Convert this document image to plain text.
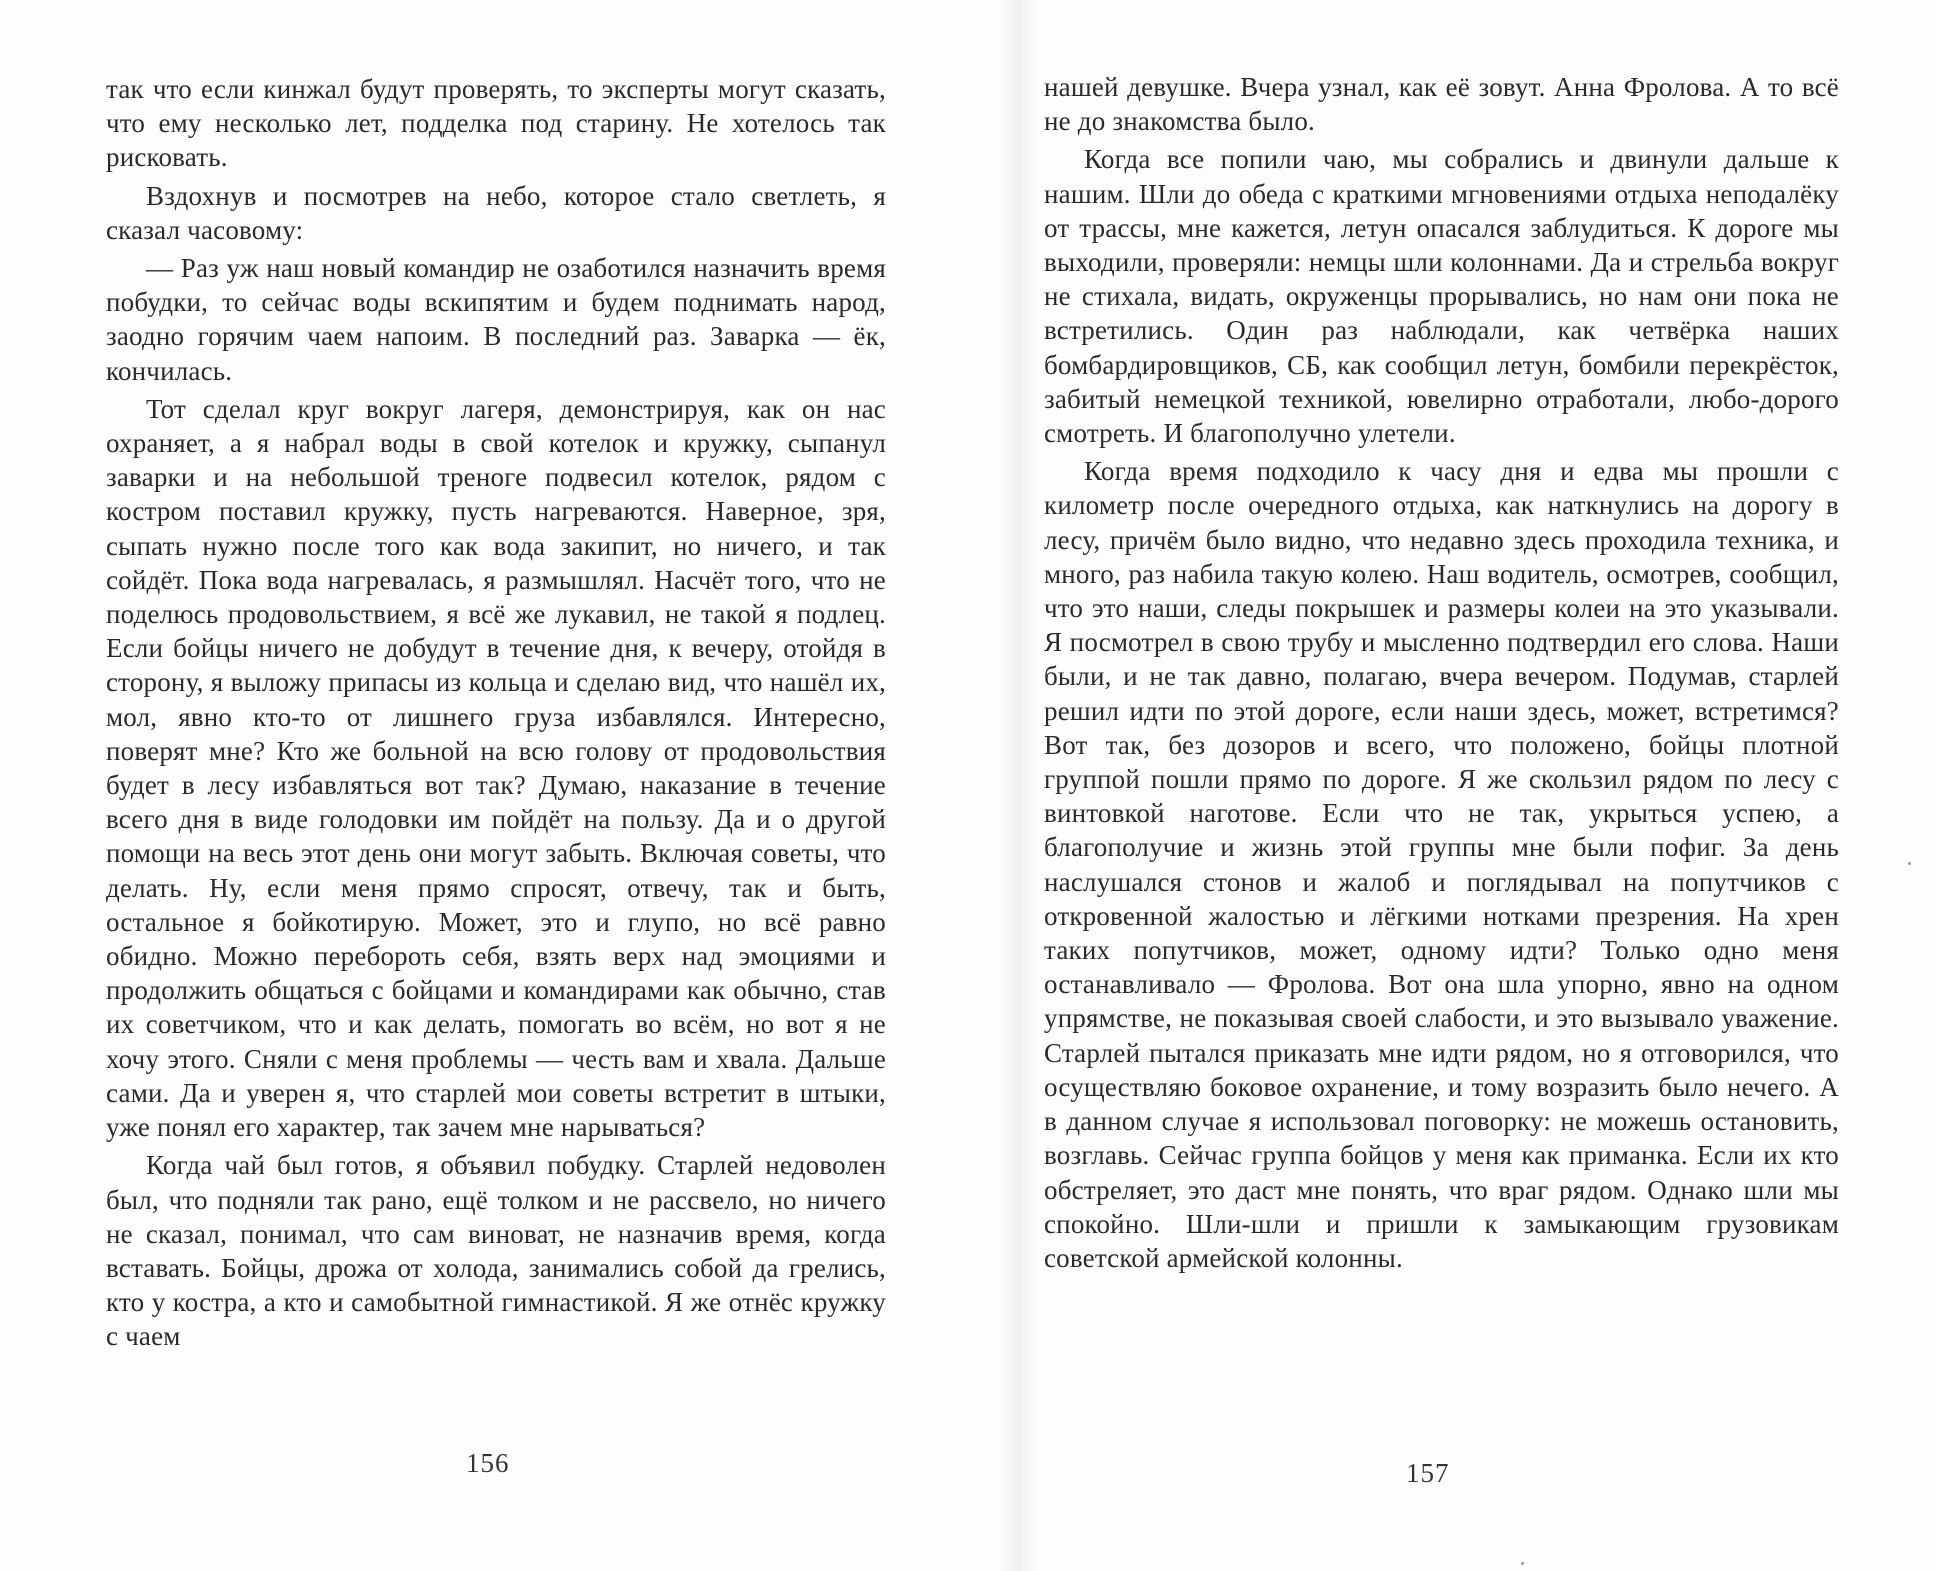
так что если кинжал будут проверять, то эксперты могут сказать, что ему несколько лет, подделка под старину. Не хотелось так рисковать.

Вздохнув и посмотрев на небо, которое стало светлеть, я сказал часовому:

— Раз уж наш новый командир не озаботился назначить время побудки, то сейчас воды вскипятим и будем поднимать народ, заодно горячим чаем напоим. В последний раз. Заварка — ёк, кончилась.

Тот сделал круг вокруг лагеря, демонстрируя, как он нас охраняет, а я набрал воды в свой котелок и кружку, сыпанул заварки и на небольшой треноге подвесил котелок, рядом с костром поставил кружку, пусть нагреваются. Наверное, зря, сыпать нужно после того как вода закипит, но ничего, и так сойдёт. Пока вода нагревалась, я размышлял. Насчёт того, что не поделюсь продовольствием, я всё же лукавил, не такой я подлец. Если бойцы ничего не добудут в течение дня, к вечеру, отойдя в сторону, я выложу припасы из кольца и сделаю вид, что нашёл их, мол, явно кто-то от лишнего груза избавлялся. Интересно, поверят мне? Кто же больной на всю голову от продовольствия будет в лесу избавляться вот так? Думаю, наказание в течение всего дня в виде голодовки им пойдёт на пользу. Да и о другой помощи на весь этот день они могут забыть. Включая советы, что делать. Ну, если меня прямо спросят, отвечу, так и быть, остальное я бойкотирую. Может, это и глупо, но всё равно обидно. Можно перебороть себя, взять верх над эмоциями и продолжить общаться с бойцами и командирами как обычно, став их советчиком, что и как делать, помогать во всём, но вот я не хочу этого. Сняли с меня проблемы — честь вам и хвала. Дальше сами. Да и уверен я, что старлей мои советы встретит в штыки, уже понял его характер, так зачем мне нарываться?

Когда чай был готов, я объявил побудку. Старлей недоволен был, что подняли так рано, ещё толком и не рассвело, но ничего не сказал, понимал, что сам виноват, не назначив время, когда вставать. Бойцы, дрожа от холода, занимались собой да грелись, кто у костра, а кто и самобытной гимнастикой. Я же отнёс кружку с чаем

156

нашей девушке. Вчера узнал, как её зовут. Анна Фролова. А то всё не до знакомства было.

Когда все попили чаю, мы собрались и двинули дальше к нашим. Шли до обеда с краткими мгновениями отдыха неподалёку от трассы, мне кажется, летун опасался заблудиться. К дороге мы выходили, проверяли: немцы шли колоннами. Да и стрельба вокруг не стихала, видать, окруженцы прорывались, но нам они пока не встретились. Один раз наблюдали, как четвёрка наших бомбардировщиков, СБ, как сообщил летун, бомбили перекрёсток, забитый немецкой техникой, ювелирно отработали, любо-дорого смотреть. И благополучно улетели.

Когда время подходило к часу дня и едва мы прошли с километр после очередного отдыха, как наткнулись на дорогу в лесу, причём было видно, что недавно здесь проходила техника, и много, раз набила такую колею. Наш водитель, осмотрев, сообщил, что это наши, следы покрышек и размеры колеи на это указывали. Я посмотрел в свою трубу и мысленно подтвердил его слова. Наши были, и не так давно, полагаю, вчера вечером. Подумав, старлей решил идти по этой дороге, если наши здесь, может, встретимся? Вот так, без дозоров и всего, что положено, бойцы плотной группой пошли прямо по дороге. Я же скользил рядом по лесу с винтовкой наготове. Если что не так, укрыться успею, а благополучие и жизнь этой группы мне были пофиг. За день наслушался стонов и жалоб и поглядывал на попутчиков с откровенной жалостью и лёгкими нотками презрения. На хрен таких попутчиков, может, одному идти? Только одно меня останавливало — Фролова. Вот она шла упорно, явно на одном упрямстве, не показывая своей слабости, и это вызывало уважение. Старлей пытался приказать мне идти рядом, но я отговорился, что осуществляю боковое охранение, и тому возразить было нечего. А в данном случае я использовал поговорку: не можешь остановить, возглавь. Сейчас группа бойцов у меня как приманка. Если их кто обстреляет, это даст мне понять, что враг рядом. Однако шли мы спокойно. Шли-шли и пришли к замыкающим грузовикам советской армейской колонны.

157
